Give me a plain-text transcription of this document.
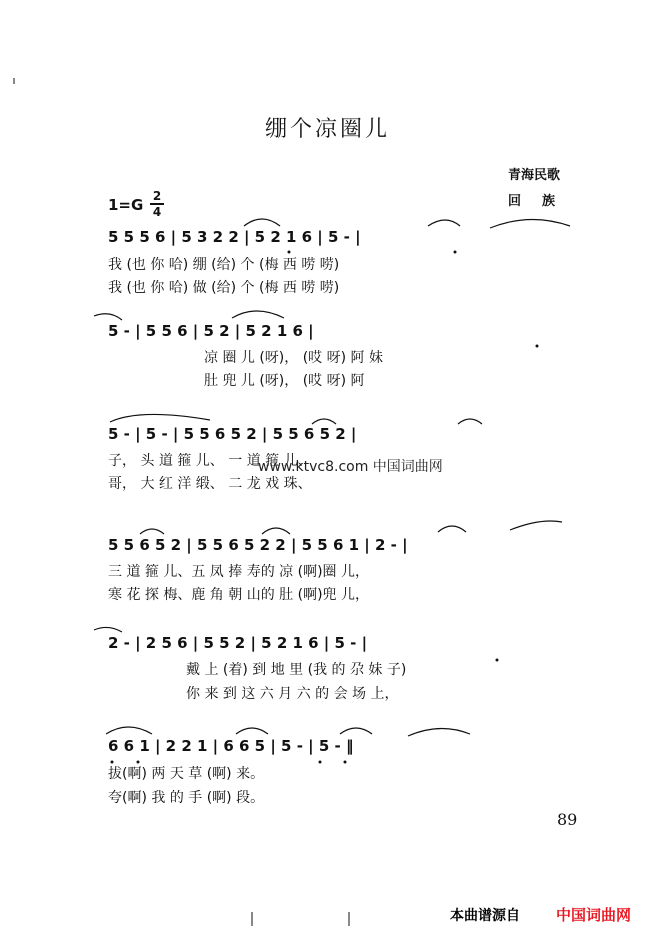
绷个凉圈儿
青海民歌
回　族
1=G 2
4
5 5 5 6 | 5 3 2 2 | 5 2 1 6 | 5 - |
我 (也 你 哈) 绷 (给) 个 (梅 西 唠 唠)
我 (也 你 哈) 做 (给) 个 (梅 西 唠 唠)
5 - | 5 5 6 | 5 2 | 5 2 1 6 |
凉 圈 儿 (呀)， (哎 呀) 阿 妹
肚 兜 儿 (呀)， (哎 呀) 阿
5 - | 5 - | 5 5 6 5 2 | 5 5 6 5 2 |
子， 头 道 箍 儿、 一 道 箍 儿、
哥， 大 红 洋 缎、 二 龙 戏 珠、
www.ktvc8.com 中国词曲网
5 5 6 5 2 | 5 5 6 5 2 2 | 5 5 6 1 | 2 - |
三 道 箍 儿、五 凤 捧 寿的 凉 (啊)圈 儿，
寒 花 探 梅、鹿 角 朝 山的 肚 (啊)兜 儿，
2 - | 2 5 6 | 5 5 2 | 5 2 1 6 | 5 - |
戴 上 (着) 到 地 里 (我 的 尕 妹 子)
你 来 到 这 六 月 六 的 会 场 上，
6 6 1 | 2 2 1 | 6 6 5 | 5 - | 5 - ‖
拔(啊) 两 天 草 (啊) 来。
夸(啊) 我 的 手 (啊) 段。
89
本曲谱源自 中国词曲网
